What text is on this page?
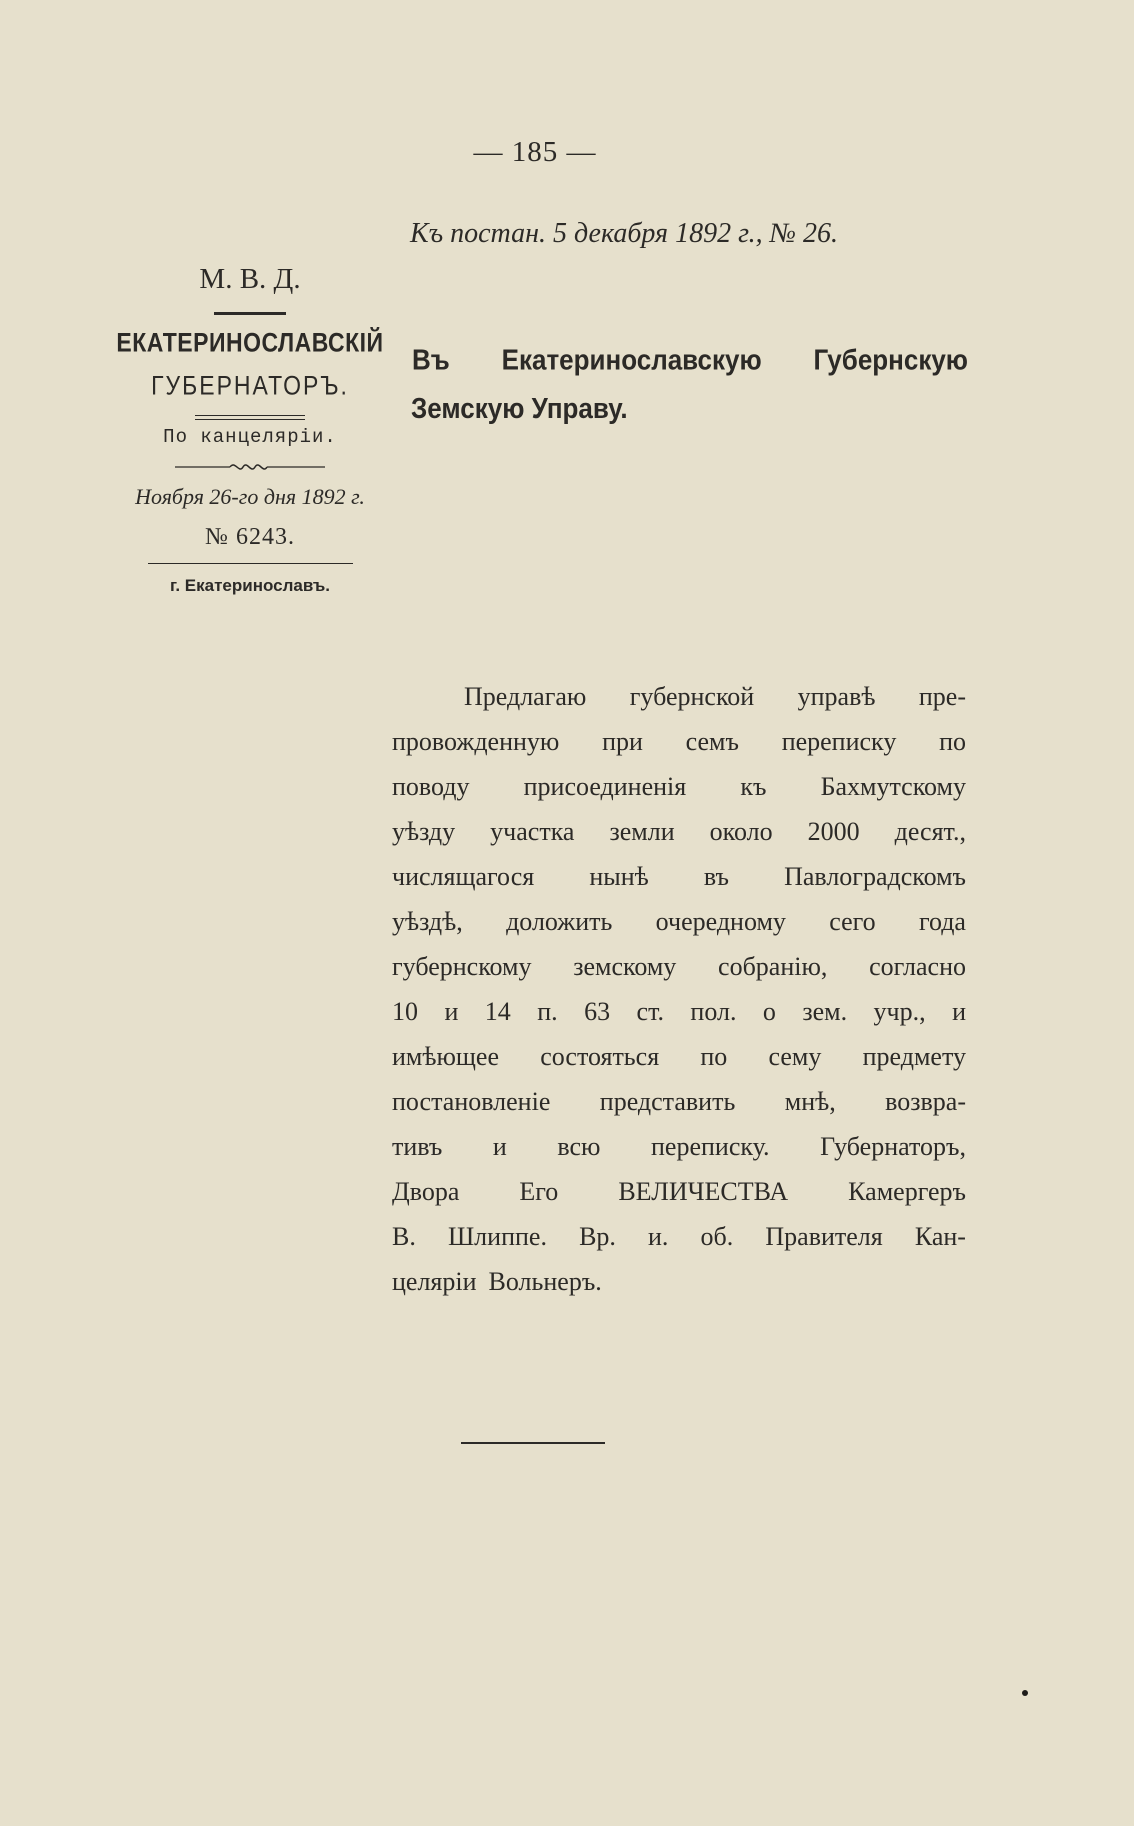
— 185 —
Къ постан. 5 декабря 1892 г., № 26.
М. В. Д.
ЕКАТЕРИНОСЛАВСКІЙ
ГУБЕРНАТОРЪ.
По канцеляріи.
Ноября 26-го дня 1892 г.
№ 6243.
г. Екатеринославъ.
Въ Екатеринославскую Губернскую
Земскую Управу.
Предлагаю губернской управѣ пре-
провожденную при семъ переписку по
поводу присоединенія къ Бахмутскому
уѣзду участка земли около 2000 десят.,
числящагося нынѣ въ Павлоградскомъ
уѣздѣ, доложить очередному сего года
губернскому земскому собранію, согласно
10 и 14 п. 63 ст. пол. о зем. учр., и
имѣющее состояться по сему предмету
постановленіе представить мнѣ, возвра-
тивъ и всю переписку. Губернаторъ,
Двора Его ВЕЛИЧЕСТВА Камергеръ
В. Шлиппе. Вр. и. об. Правителя Кан-
целяріи Вольнеръ.
